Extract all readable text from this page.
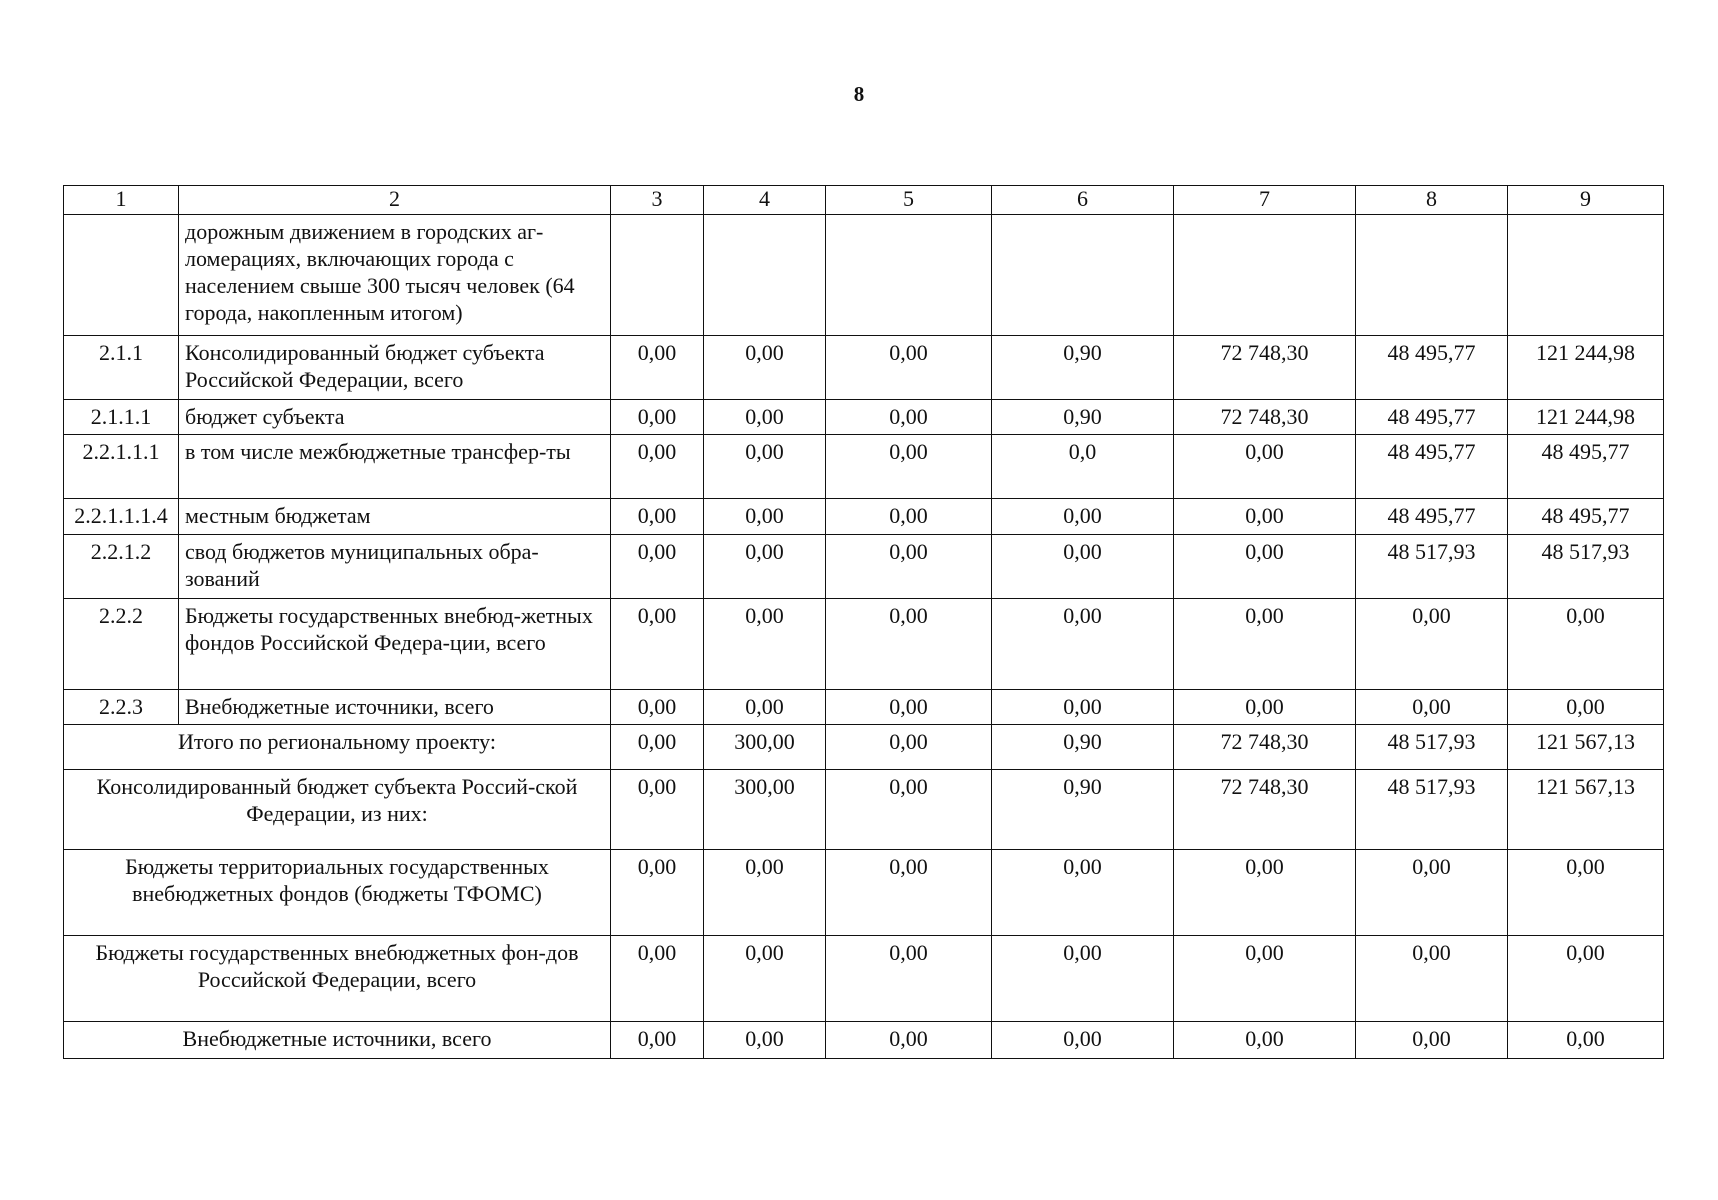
8
1	2	3	4	5	6	7	8	9
	дорожным движением в городских аг-ломерациях, включающих города с населением свыше 300 тысяч человек (64 города, накопленным итогом)							
2.1.1	Консолидированный бюджет субъекта Российской Федерации, всего	0,00	0,00	0,00	0,90	72 748,30	48 495,77	121 244,98
2.1.1.1	бюджет субъекта	0,00	0,00	0,00	0,90	72 748,30	48 495,77	121 244,98
2.2.1.1.1	в том числе межбюджетные трансфер-ты	0,00	0,00	0,00	0,0	0,00	48 495,77	48 495,77
2.2.1.1.1.4	местным бюджетам	0,00	0,00	0,00	0,00	0,00	48 495,77	48 495,77
2.2.1.2	свод бюджетов муниципальных обра-зований	0,00	0,00	0,00	0,00	0,00	48 517,93	48 517,93
2.2.2	Бюджеты государственных внебюд-жетных фондов Российской Федера-ции, всего	0,00	0,00	0,00	0,00	0,00	0,00	0,00
2.2.3	Внебюджетные источники, всего	0,00	0,00	0,00	0,00	0,00	0,00	0,00
Итого по региональному проекту:		0,00	300,00	0,00	0,90	72 748,30	48 517,93	121 567,13
Консолидированный бюджет субъекта Россий-ской Федерации, из них:		0,00	300,00	0,00	0,90	72 748,30	48 517,93	121 567,13
Бюджеты территориальных государственных внебюджетных фондов (бюджеты ТФОМС)		0,00	0,00	0,00	0,00	0,00	0,00	0,00
Бюджеты государственных внебюджетных фон-дов Российской Федерации, всего		0,00	0,00	0,00	0,00	0,00	0,00	0,00
Внебюджетные источники, всего		0,00	0,00	0,00	0,00	0,00	0,00	0,00
